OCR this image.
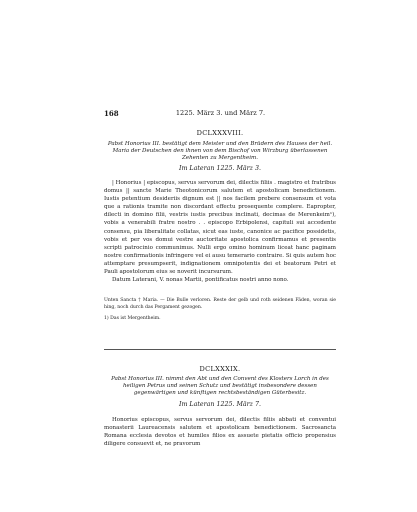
168	1225. März 3. und März 7.
DCLXXXVIII.
Pabst Honorius III. bestätigt dem Meister und den Brüdern des Hauses der heil. Maria der Deutschen den ihnen von dem Bischof von Wirzburg überlassenen Zehenten zu Mergentheim.
Im Lateran 1225. März 3.

| Honorius | episcopus, servus servorum dei, dilectis filiis . magistro et fratribus domus || sancte Marie Theotonicorum salutem et apostolicam benedictionem. Iustis petentium desideriis dignum est || nos facilem prebere consensum et vota que a rationis tramite non discordant effectu prosequente complere. Eapropter, dilecti in domino filii, vestris iustis precibus inclinati, decimas de Merenkeim¹), vobis a venerabili fratre nostro . . episcopo Erbipolensi, capituli sui accedente consensu, pia liberalitate collatas, sicut eas iuste, canonice ac pacifice possidetis, vobis et per vos domui vestre auctoritate apostolica confirmamus et presentis scripti patrocinio communimus. Nulli ergo omino hominum liceat hanc paginam nostre confirmationis infringere vel ei ausu temerario contraire. Si quis autem hoc attemptare presumpserit, indignationem omnipotentis dei et beatorum Petri et Pauli apostolorum eius se noverit incursurum.

Datum Laterani, V. nonas Martii, pontificatus nostri anno nono.

Unten Sancta † Maria. — Die Bulle verloren. Reste der gelb und roth seidenen Fäden, woran sie hing, noch durch das Pergament gezogen.
1) Das ist Mergentheim.
DCLXXXIX.
Pabst Honorius III. nimmt den Abt und den Convent des Klosters Lorch in des heiligen Petrus und seinen Schutz und bestätigt insbesondere dessen gegenwärtigen und künftigen rechtsbeständigen Güterbesitz.
Im Lateran 1225. März 7.

Honorius episcopus, servus servorum dei, dilectis filiis abbati et conventui monasterii Laureacensis salutem et apostolicam benedictionem. Sacrosancta Romana ecclesia devotos et humiles filios ex assuete pietatis officio propensius diligere consuevit et, ne pravorum
